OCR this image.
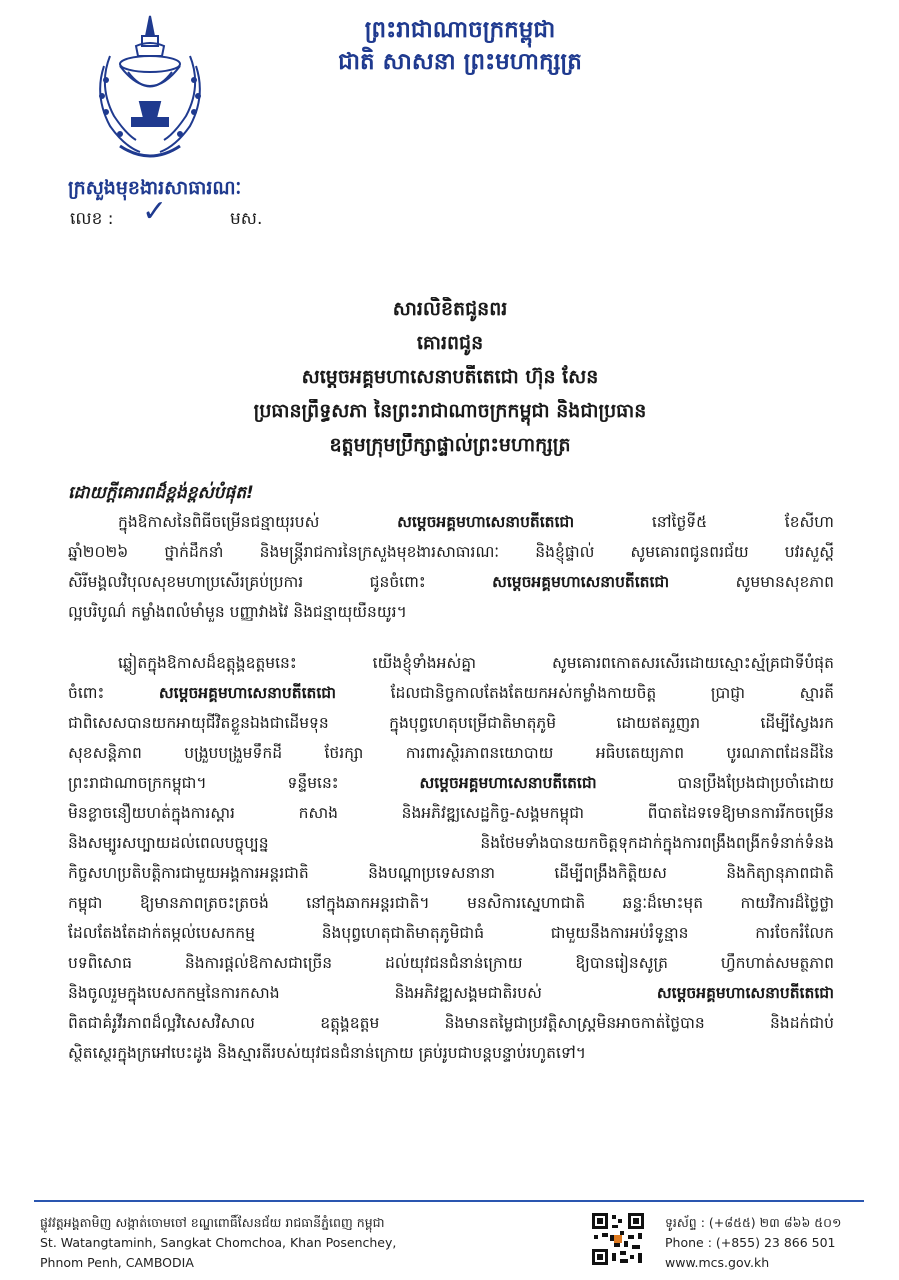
ព្រះរាជាណាចក្រកម្ពុជា
ជាតិ សាសនា ព្រះមហាក្សត្រ
ក្រសួងមុខងារសាធារណៈ
លេខ :	មស.
✓
សារលិខិតជូនពរ
គោរពជូន
សម្តេចអគ្គមហាសេនាបតីតេជោ ហ៊ុន សែន
ប្រធានព្រឹទ្ធសភា នៃព្រះរាជាណាចក្រកម្ពុជា និងជាប្រធាន
ឧត្តមក្រុមប្រឹក្សាផ្ទាល់ព្រះមហាក្សត្រ
ដោយក្តីគោរពដ៏ខ្ពង់ខ្ពស់បំផុត!
ក្នុងឱកាសនៃពិធីចម្រើនជន្មាយុរបស់ សម្តេចអគ្គមហាសេនាបតីតេជោ នៅថ្ងៃទី៥ ខែសីហា
ឆ្នាំ២០២៦ ថ្នាក់ដឹកនាំ និងមន្ត្រីរាជការនៃក្រសួងមុខងារសាធារណៈ និងខ្ញុំផ្ទាល់ សូមគោរពជូនពរជ័យ បវរសួស្តី
សិរីមង្គលវិបុលសុខមហាប្រសើរគ្រប់ប្រការ ជូនចំពោះ សម្តេចអគ្គមហាសេនាបតីតេជោ សូមមានសុខភាព
ល្អបរិបូណ៌ កម្លាំងពលំមាំមួន បញ្ញាវាងវៃ និងជន្មាយុយឺនយូរ។
ឆ្លៀតក្នុងឱកាសដ៏ឧត្តុង្គឧត្តមនេះ យើងខ្ញុំទាំងអស់គ្នា សូមគោរពកោតសរសើរដោយស្មោះស្ម័គ្រជាទីបំផុត
ចំពោះ សម្តេចអគ្គមហាសេនាបតីតេជោ ដែលជានិច្ចកាលតែងតែយកអស់កម្លាំងកាយចិត្ត ប្រាជ្ញា ស្មារតី
ជាពិសេសបានយកអាយុជីវិតខ្លួនឯងជាដើមទុន ក្នុងបុព្វហេតុបម្រើជាតិមាតុភូមិ ដោយឥតរួញរា ដើម្បីស្វែងរក
សុខសន្តិភាព បង្រួបបង្រួមទឹកដី ថែរក្សា ការពារស្ថិរភាពនយោបាយ អធិបតេយ្យភាព បូរណភាពដែនដីនៃ
ព្រះរាជាណាចក្រកម្ពុជា។ ទន្ទឹមនេះ សម្តេចអគ្គមហាសេនាបតីតេជោ បានប្រឹងប្រែងជាប្រចាំដោយ
មិនខ្លាចនឿយហត់ក្នុងការស្តារ កសាង និងអភិវឌ្ឍសេដ្ឋកិច្ច-សង្គមកម្ពុជា ពីបាតដៃទទេឱ្យមានការរីកចម្រើន
និងសម្បូរសប្បាយដល់ពេលបច្ចុប្បន្ន និងថែមទាំងបានយកចិត្តទុកដាក់ក្នុងការពង្រឹងពង្រីកទំនាក់ទំនង
កិច្ចសហប្រតិបត្តិការជាមួយអង្គការអន្តរជាតិ និងបណ្តាប្រទេសនានា ដើម្បីពង្រឹងកិត្តិយស និងកិត្យានុភាពជាតិ
កម្ពុជា ឱ្យមានភាពត្រចះត្រចង់ នៅក្នុងឆាកអន្តរជាតិ។ មនសិការស្នេហាជាតិ ឆន្ទៈដ៏មោះមុត កាយវិការដ៏ថ្លៃថ្លា
ដែលតែងតែដាក់តម្កល់បេសកកម្ម និងបុព្វហេតុជាតិមាតុភូមិជាធំ ជាមួយនឹងការអប់រំទូន្មាន ការចែករំលែក
បទពិសោធ និងការផ្តល់ឱកាសជាច្រើន ដល់យុវជនជំនាន់ក្រោយ ឱ្យបានរៀនសូត្រ ហ្វឹកហាត់សមត្ថភាព
និងចូលរួមក្នុងបេសកកម្មនៃការកសាង និងអភិវឌ្ឍសង្គមជាតិរបស់ សម្តេចអគ្គមហាសេនាបតីតេជោ
ពិតជាគំរូវីរភាពដ៏ល្អវិសេសវិសាល ឧត្តុង្គឧត្តម និងមានតម្លៃជាប្រវត្តិសាស្ត្រមិនអាចកាត់ថ្លៃបាន និងដក់ជាប់
ស្ថិតស្ថេរក្នុងក្រអៅបេះដូង និងស្មារតីរបស់យុវជនជំនាន់ក្រោយ គ្រប់រូបជាបន្តបន្ទាប់រហូតទៅ។
ផ្លូវវត្តអង្គតាមិញ សង្កាត់ចោមចៅ ខណ្ឌពោធិ៍សែនជ័យ រាជធានីភ្នំពេញ កម្ពុជា
St. Watangtaminh, Sangkat Chomchoa, Khan Posenchey,
Phnom Penh, CAMBODIA
ទូរស័ព្ទ : (+៨៥៥) ២៣ ៨៦៦ ៥០១
Phone : (+855) 23 866 501
www.mcs.gov.kh
